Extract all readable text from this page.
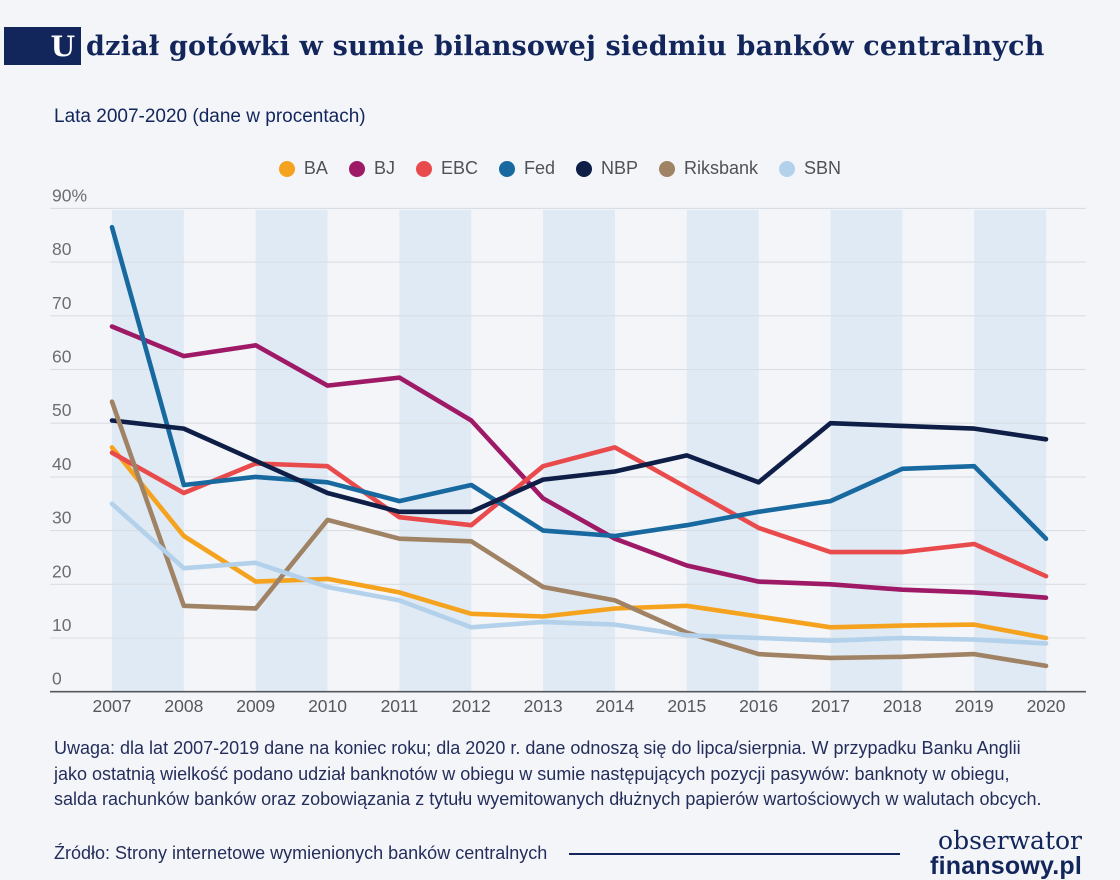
U dział gotówki w sumie bilansowej siedmiu banków centralnych
Lata 2007-2020 (dane w procentach)
BA	BJ	EBC	Fed	NBP	Riksbank	SBN
0
10
20
30
40
50
60
70
80
90%
2007 2008 2009 2010 2011 2012 2013 2014 2015 2016 2017 2018 2019 2020
Uwaga: dla lat 2007-2019 dane na koniec roku; dla 2020 r. dane odnoszą się do lipca/sierpnia. W przypadku Banku Anglii jako ostatnią wielkość podano udział banknotów w obiegu w sumie następujących pozycji pasywów: banknoty w obiegu, salda rachunków banków oraz zobowiązania z tytułu wyemitowanych dłużnych papierów wartościowych w walutach obcych.
Źródło: Strony internetowe wymienionych banków centralnych	obserwator
finansowy.pl
